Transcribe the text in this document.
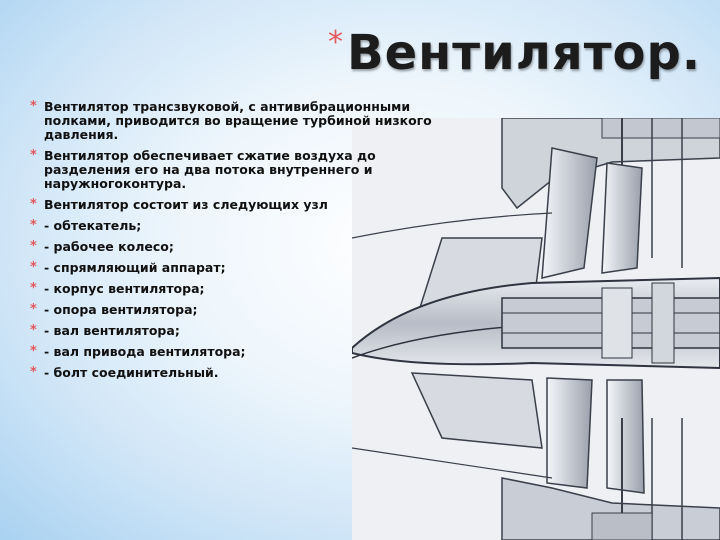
* Вентилятор.
* Вентилятор трансзвуковой, с антивибрационными полками, приводится во вращение турбиной низкого давления.
* Вентилятор обеспечивает сжатие воздуха до разделения его на два потока внутреннего и наружногоконтура.
* Вентилятор состоит из следующих узл
* - обтекатель;
* - рабочее колесо;
* - спрямляющий аппарат;
* - корпус вентилятора;
* - опора вентилятора;
* - вал вентилятора;
* - вал привода вентилятора;
* - болт соединительный.
